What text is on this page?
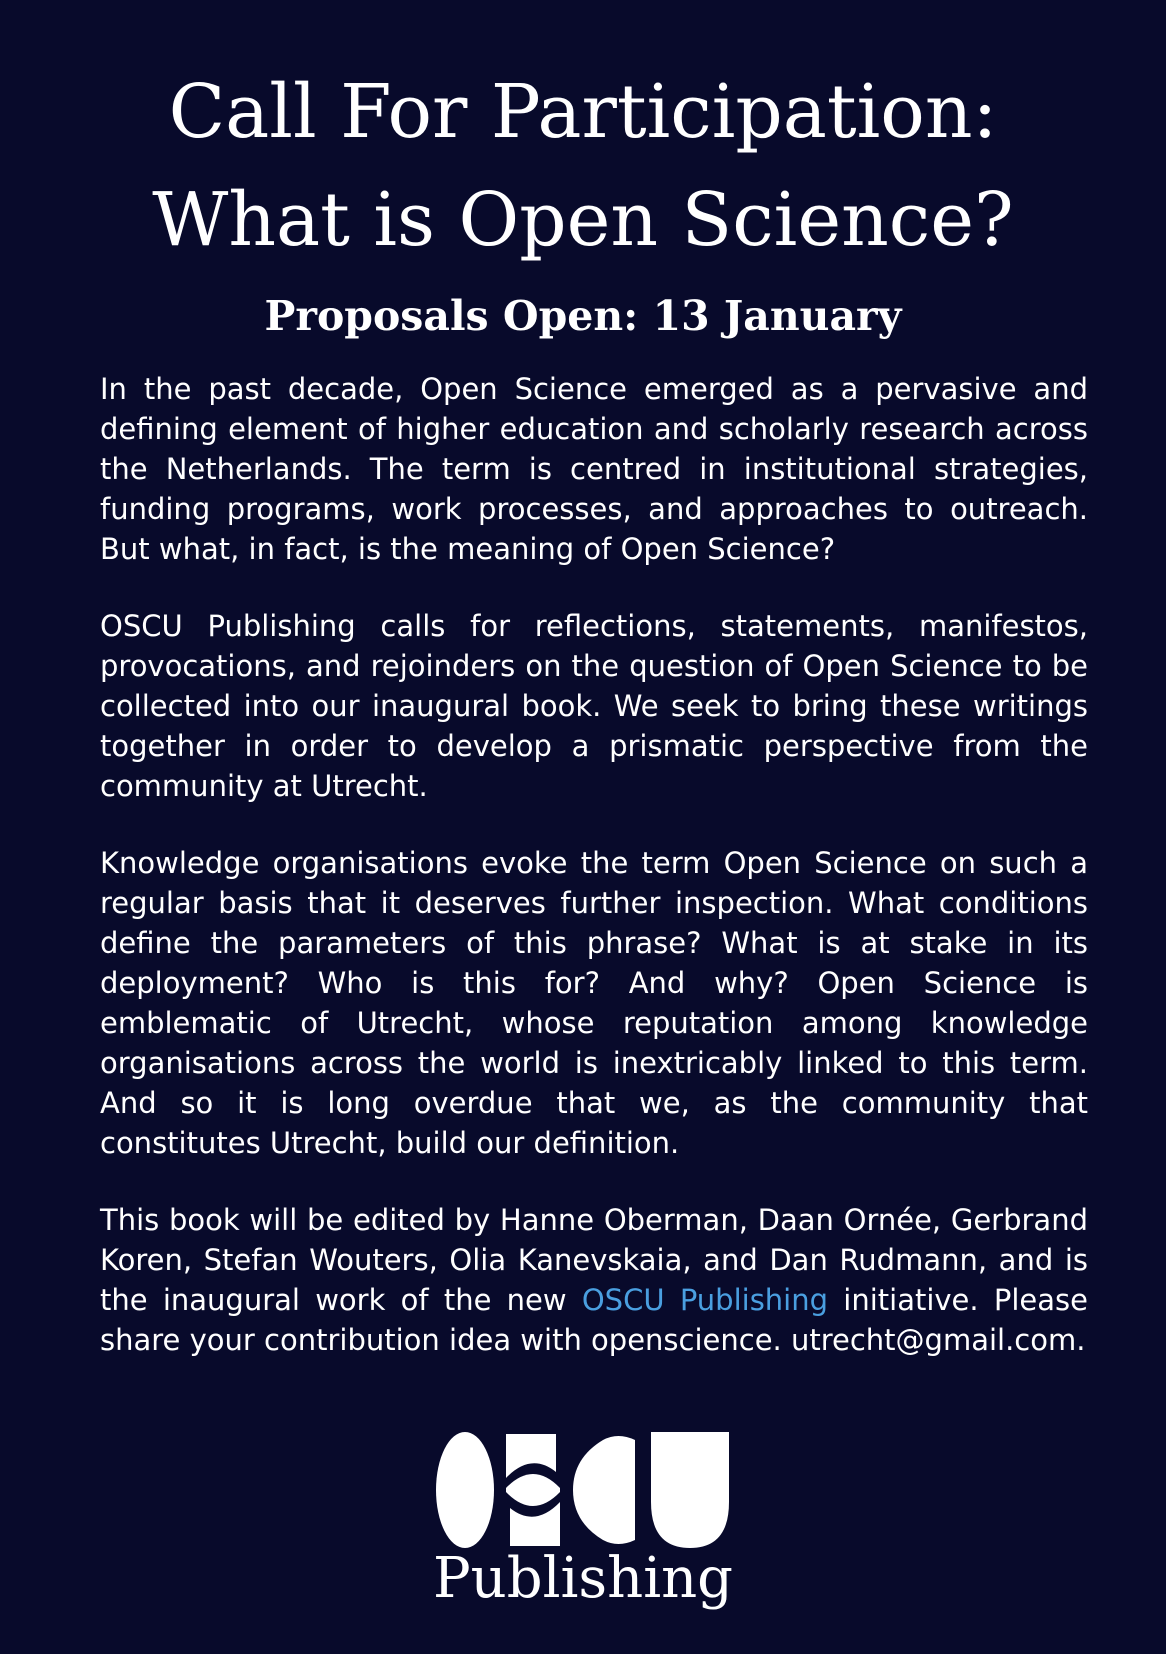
Call For Participation:
What is Open Science?
Proposals Open: 13 January

In the past decade, Open Science emerged as a pervasive and defining element of higher education and scholarly research across the Netherlands. The term is centred in institutional strategies, funding programs, work processes, and approaches to outreach. But what, in fact, is the meaning of Open Science?

OSCU Publishing calls for reflections, statements, manifestos, provocations, and rejoinders on the question of Open Science to be collected into our inaugural book. We seek to bring these writings together in order to develop a prismatic perspective from the community at Utrecht.

Knowledge organisations evoke the term Open Science on such a regular basis that it deserves further inspection. What conditions define the parameters of this phrase? What is at stake in its deployment? Who is this for? And why? Open Science is emblematic of Utrecht, whose reputation among knowledge organisations across the world is inextricably linked to this term. And so it is long overdue that we, as the community that constitutes Utrecht, build our definition.

This book will be edited by Hanne Oberman, Daan Ornée, Gerbrand Koren, Stefan Wouters, Olia Kanevskaia, and Dan Rudmann, and is the inaugural work of the new OSCU Publishing initiative. Please share your contribution idea with openscience. utrecht@gmail.com.

Publishing
